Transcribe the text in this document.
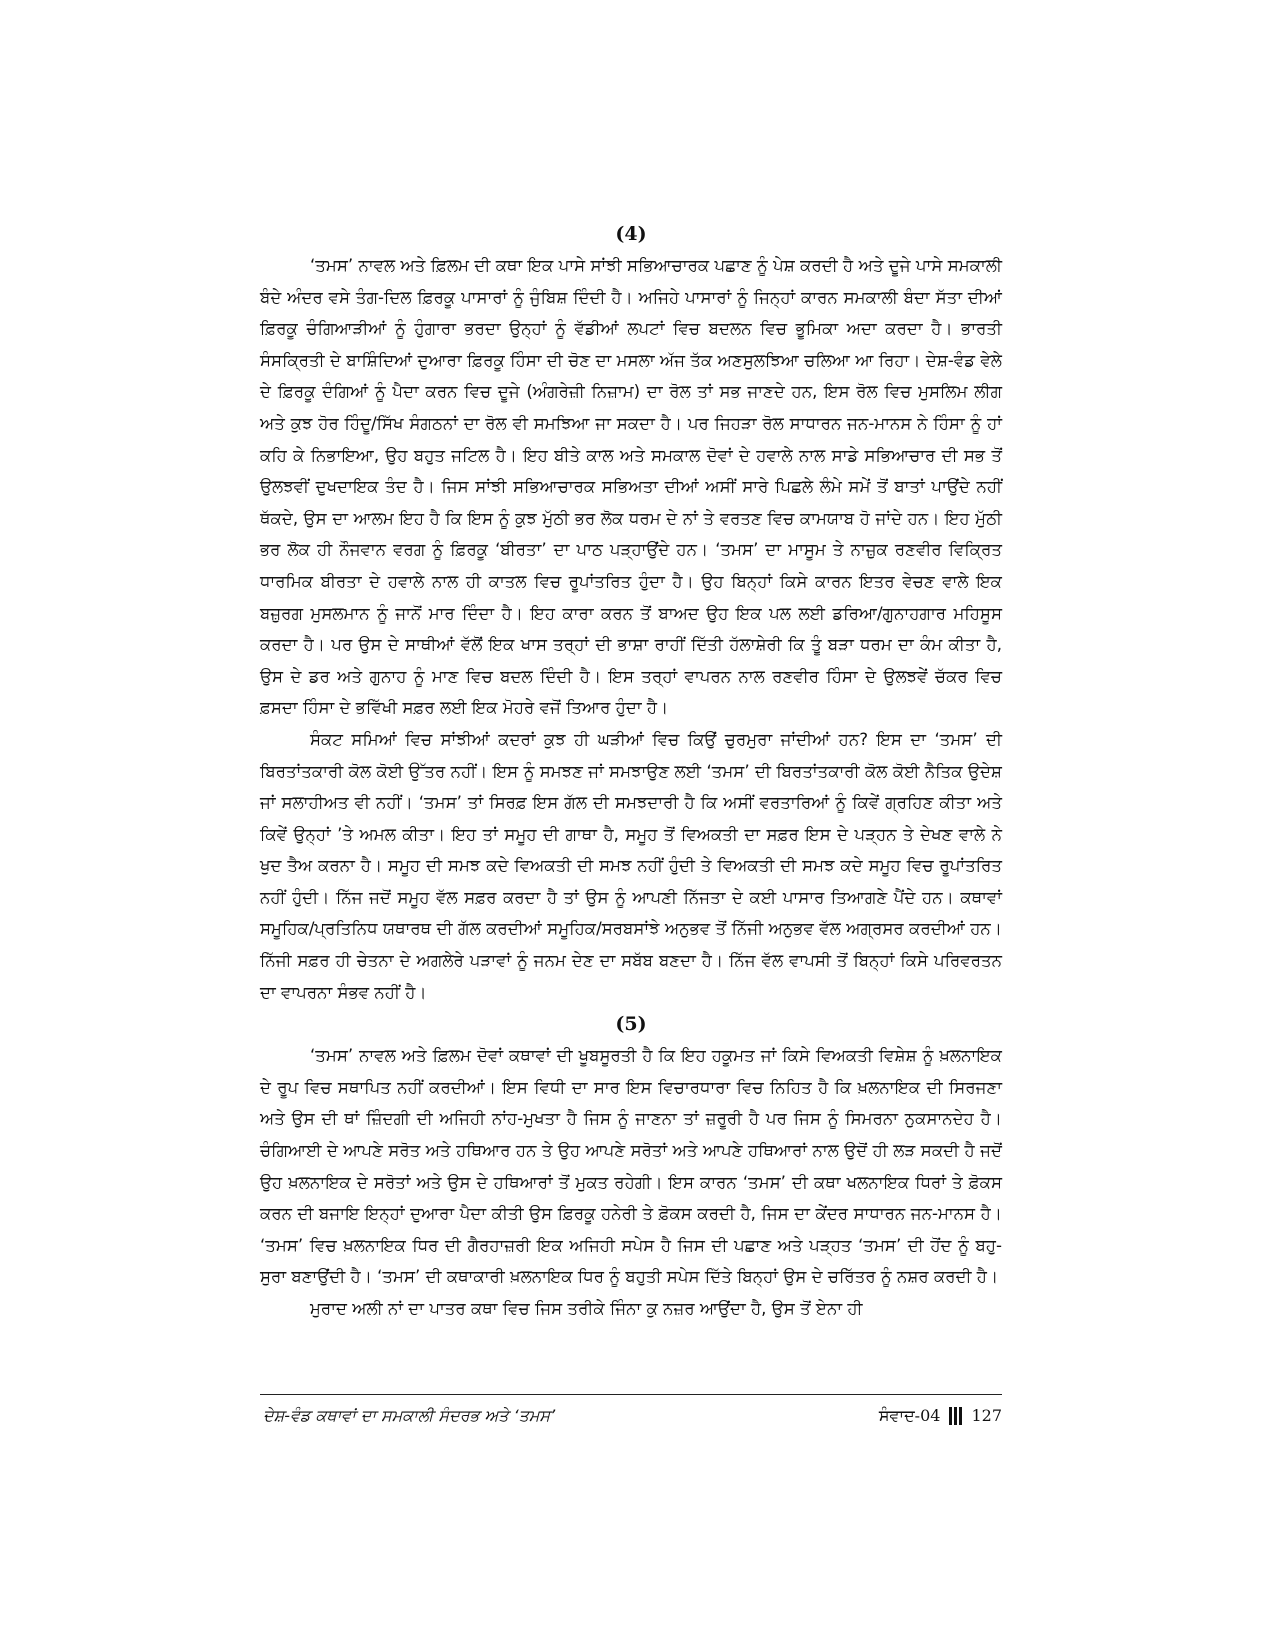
(4)

‘ਤਮਸ’ ਨਾਵਲ ਅਤੇ ਫ਼ਿਲਮ ਦੀ ਕਥਾ ਇਕ ਪਾਸੇ ਸਾਂਝੀ ਸਭਿਆਚਾਰਕ ਪਛਾਣ ਨੂੰ ਪੇਸ਼ ਕਰਦੀ ਹੈ ਅਤੇ ਦੂਜੇ ਪਾਸੇ ਸਮਕਾਲੀ ਬੰਦੇ ਅੰਦਰ ਵਸੇ ਤੰਗ-ਦਿਲ ਫ਼ਿਰਕੂ ਪਾਸਾਰਾਂ ਨੂੰ ਜੁੰਬਿਸ਼ ਦਿੰਦੀ ਹੈ। ਅਜਿਹੇ ਪਾਸਾਰਾਂ ਨੂੰ ਜਿਨ੍ਹਾਂ ਕਾਰਨ ਸਮਕਾਲੀ ਬੰਦਾ ਸੱਤਾ ਦੀਆਂ ਫ਼ਿਰਕੂ ਚੰਗਿਆੜੀਆਂ ਨੂੰ ਹੁੰਗਾਰਾ ਭਰਦਾ ਉਨ੍ਹਾਂ ਨੂੰ ਵੱਡੀਆਂ ਲਪਟਾਂ ਵਿਚ ਬਦਲਨ ਵਿਚ ਭੂਮਿਕਾ ਅਦਾ ਕਰਦਾ ਹੈ। ਭਾਰਤੀ ਸੰਸਕ੍ਰਿਤੀ ਦੇ ਬਾਸ਼ਿੰਦਿਆਂ ਦੁਆਰਾ ਫ਼ਿਰਕੂ ਹਿੰਸਾ ਦੀ ਚੋਣ ਦਾ ਮਸਲਾ ਅੱਜ ਤੱਕ ਅਣਸੁਲਝਿਆ ਚਲਿਆ ਆ ਰਿਹਾ। ਦੇਸ਼-ਵੰਡ ਵੇਲੇ ਦੇ ਫ਼ਿਰਕੂ ਦੰਗਿਆਂ ਨੂੰ ਪੈਦਾ ਕਰਨ ਵਿਚ ਦੂਜੇ (ਅੰਗਰੇਜ਼ੀ ਨਿਜ਼ਾਮ) ਦਾ ਰੋਲ ਤਾਂ ਸਭ ਜਾਣਦੇ ਹਨ, ਇਸ ਰੋਲ ਵਿਚ ਮੁਸਲਿਮ ਲੀਗ ਅਤੇ ਕੁਝ ਹੋਰ ਹਿੰਦੂ/ਸਿੱਖ ਸੰਗਠਨਾਂ ਦਾ ਰੋਲ ਵੀ ਸਮਝਿਆ ਜਾ ਸਕਦਾ ਹੈ। ਪਰ ਜਿਹੜਾ ਰੋਲ ਸਾਧਾਰਨ ਜਨ-ਮਾਨਸ ਨੇ ਹਿੰਸਾ ਨੂੰ ਹਾਂ ਕਹਿ ਕੇ ਨਿਭਾਇਆ, ਉਹ ਬਹੁਤ ਜਟਿਲ ਹੈ। ਇਹ ਬੀਤੇ ਕਾਲ ਅਤੇ ਸਮਕਾਲ ਦੋਵਾਂ ਦੇ ਹਵਾਲੇ ਨਾਲ ਸਾਡੇ ਸਭਿਆਚਾਰ ਦੀ ਸਭ ਤੋਂ ਉਲਝਵੀਂ ਦੁਖਦਾਇਕ ਤੰਦ ਹੈ। ਜਿਸ ਸਾਂਝੀ ਸਭਿਆਚਾਰਕ ਸਭਿਅਤਾ ਦੀਆਂ ਅਸੀਂ ਸਾਰੇ ਪਿਛਲੇ ਲੰਮੇ ਸਮੇਂ ਤੋਂ ਬਾਤਾਂ ਪਾਉਂਦੇ ਨਹੀਂ ਥੱਕਦੇ, ਉਸ ਦਾ ਆਲਮ ਇਹ ਹੈ ਕਿ ਇਸ ਨੂੰ ਕੁਝ ਮੁੱਠੀ ਭਰ ਲੋਕ ਧਰਮ ਦੇ ਨਾਂ ਤੇ ਵਰਤਣ ਵਿਚ ਕਾਮਯਾਬ ਹੋ ਜਾਂਦੇ ਹਨ। ਇਹ ਮੁੱਠੀ ਭਰ ਲੋਕ ਹੀ ਨੌਜਵਾਨ ਵਰਗ ਨੂੰ ਫ਼ਿਰਕੂ ‘ਬੀਰਤਾ’ ਦਾ ਪਾਠ ਪੜ੍ਹਾਉਂਦੇ ਹਨ। ‘ਤਮਸ’ ਦਾ ਮਾਸੂਮ ਤੇ ਨਾਜ਼ੁਕ ਰਣਵੀਰ ਵਿਕ੍ਰਿਤ ਧਾਰਮਿਕ ਬੀਰਤਾ ਦੇ ਹਵਾਲੇ ਨਾਲ ਹੀ ਕਾਤਲ ਵਿਚ ਰੂਪਾਂਤਰਿਤ ਹੁੰਦਾ ਹੈ। ਉਹ ਬਿਨ੍ਹਾਂ ਕਿਸੇ ਕਾਰਨ ਇਤਰ ਵੇਚਣ ਵਾਲੇ ਇਕ ਬਜ਼ੁਰਗ ਮੁਸਲਮਾਨ ਨੂੰ ਜਾਨੋਂ ਮਾਰ ਦਿੰਦਾ ਹੈ। ਇਹ ਕਾਰਾ ਕਰਨ ਤੋਂ ਬਾਅਦ ਉਹ ਇਕ ਪਲ ਲਈ ਡਰਿਆ/ਗੁਨਾਹਗਾਰ ਮਹਿਸੂਸ ਕਰਦਾ ਹੈ। ਪਰ ਉਸ ਦੇ ਸਾਥੀਆਂ ਵੱਲੋਂ ਇਕ ਖਾਸ ਤਰ੍ਹਾਂ ਦੀ ਭਾਸ਼ਾ ਰਾਹੀਂ ਦਿੱਤੀ ਹੱਲਾਸ਼ੇਰੀ ਕਿ ਤੂੰ ਬੜਾ ਧਰਮ ਦਾ ਕੰਮ ਕੀਤਾ ਹੈ, ਉਸ ਦੇ ਡਰ ਅਤੇ ਗੁਨਾਹ ਨੂੰ ਮਾਣ ਵਿਚ ਬਦਲ ਦਿੰਦੀ ਹੈ। ਇਸ ਤਰ੍ਹਾਂ ਵਾਪਰਨ ਨਾਲ ਰਣਵੀਰ ਹਿੰਸਾ ਦੇ ਉਲਝਵੇਂ ਚੱਕਰ ਵਿਚ ਫ਼ਸਦਾ ਹਿੰਸਾ ਦੇ ਭਵਿੱਖੀ ਸਫ਼ਰ ਲਈ ਇਕ ਮੋਹਰੇ ਵਜੋਂ ਤਿਆਰ ਹੁੰਦਾ ਹੈ।

ਸੰਕਟ ਸਮਿਆਂ ਵਿਚ ਸਾਂਝੀਆਂ ਕਦਰਾਂ ਕੁਝ ਹੀ ਘੜੀਆਂ ਵਿਚ ਕਿਉਂ ਚੁਰਮੁਰਾ ਜਾਂਦੀਆਂ ਹਨ? ਇਸ ਦਾ ‘ਤਮਸ’ ਦੀ ਬਿਰਤਾਂਤਕਾਰੀ ਕੋਲ ਕੋਈ ਉੱਤਰ ਨਹੀਂ। ਇਸ ਨੂੰ ਸਮਝਣ ਜਾਂ ਸਮਝਾਉਣ ਲਈ ‘ਤਮਸ’ ਦੀ ਬਿਰਤਾਂਤਕਾਰੀ ਕੋਲ ਕੋਈ ਨੈਤਿਕ ਉਦੇਸ਼ ਜਾਂ ਸਲਾਹੀਅਤ ਵੀ ਨਹੀਂ। ‘ਤਮਸ’ ਤਾਂ ਸਿਰਫ਼ ਇਸ ਗੱਲ ਦੀ ਸਮਝਦਾਰੀ ਹੈ ਕਿ ਅਸੀਂ ਵਰਤਾਰਿਆਂ ਨੂੰ ਕਿਵੇਂ ਗ੍ਰਹਿਣ ਕੀਤਾ ਅਤੇ ਕਿਵੇਂ ਉਨ੍ਹਾਂ ’ਤੇ ਅਮਲ ਕੀਤਾ। ਇਹ ਤਾਂ ਸਮੂਹ ਦੀ ਗਾਥਾ ਹੈ, ਸਮੂਹ ਤੋਂ ਵਿਅਕਤੀ ਦਾ ਸਫ਼ਰ ਇਸ ਦੇ ਪੜ੍ਹਨ ਤੇ ਦੇਖਣ ਵਾਲੇ ਨੇ ਖੁਦ ਤੈਅ ਕਰਨਾ ਹੈ। ਸਮੂਹ ਦੀ ਸਮਝ ਕਦੇ ਵਿਅਕਤੀ ਦੀ ਸਮਝ ਨਹੀਂ ਹੁੰਦੀ ਤੇ ਵਿਅਕਤੀ ਦੀ ਸਮਝ ਕਦੇ ਸਮੂਹ ਵਿਚ ਰੂਪਾਂਤਰਿਤ ਨਹੀਂ ਹੁੰਦੀ। ਨਿੱਜ ਜਦੋਂ ਸਮੂਹ ਵੱਲ ਸਫ਼ਰ ਕਰਦਾ ਹੈ ਤਾਂ ਉਸ ਨੂੰ ਆਪਣੀ ਨਿੱਜਤਾ ਦੇ ਕਈ ਪਾਸਾਰ ਤਿਆਗਣੇ ਪੈਂਦੇ ਹਨ। ਕਥਾਵਾਂ ਸਮੂਹਿਕ/ਪ੍ਰਤਿਨਿਧ ਯਥਾਰਥ ਦੀ ਗੱਲ ਕਰਦੀਆਂ ਸਮੂਹਿਕ/ਸਰਬਸਾਂਝੇ ਅਨੁਭਵ ਤੋਂ ਨਿੱਜੀ ਅਨੁਭਵ ਵੱਲ ਅਗ੍ਰਸਰ ਕਰਦੀਆਂ ਹਨ। ਨਿੱਜੀ ਸਫ਼ਰ ਹੀ ਚੇਤਨਾ ਦੇ ਅਗਲੇਰੇ ਪੜਾਵਾਂ ਨੂੰ ਜਨਮ ਦੇਣ ਦਾ ਸਬੱਬ ਬਣਦਾ ਹੈ। ਨਿੱਜ ਵੱਲ ਵਾਪਸੀ ਤੋਂ ਬਿਨ੍ਹਾਂ ਕਿਸੇ ਪਰਿਵਰਤਨ ਦਾ ਵਾਪਰਨਾ ਸੰਭਵ ਨਹੀਂ ਹੈ।

(5)

‘ਤਮਸ’ ਨਾਵਲ ਅਤੇ ਫ਼ਿਲਮ ਦੋਵਾਂ ਕਥਾਵਾਂ ਦੀ ਖੂਬਸੂਰਤੀ ਹੈ ਕਿ ਇਹ ਹਕੂਮਤ ਜਾਂ ਕਿਸੇ ਵਿਅਕਤੀ ਵਿਸ਼ੇਸ਼ ਨੂੰ ਖ਼ਲਨਾਇਕ ਦੇ ਰੂਪ ਵਿਚ ਸਥਾਪਿਤ ਨਹੀਂ ਕਰਦੀਆਂ। ਇਸ ਵਿਧੀ ਦਾ ਸਾਰ ਇਸ ਵਿਚਾਰਧਾਰਾ ਵਿਚ ਨਿਹਿਤ ਹੈ ਕਿ ਖ਼ਲਨਾਇਕ ਦੀ ਸਿਰਜਣਾ ਅਤੇ ਉਸ ਦੀ ਥਾਂ ਜ਼ਿੰਦਗੀ ਦੀ ਅਜਿਹੀ ਨਾਂਹ-ਮੁਖਤਾ ਹੈ ਜਿਸ ਨੂੰ ਜਾਣਨਾ ਤਾਂ ਜ਼ਰੂਰੀ ਹੈ ਪਰ ਜਿਸ ਨੂੰ ਸਿਮਰਨਾ ਨੁਕਸਾਨਦੇਹ ਹੈ। ਚੰਗਿਆਈ ਦੇ ਆਪਣੇ ਸਰੋਤ ਅਤੇ ਹਥਿਆਰ ਹਨ ਤੇ ਉਹ ਆਪਣੇ ਸਰੋਤਾਂ ਅਤੇ ਆਪਣੇ ਹਥਿਆਰਾਂ ਨਾਲ ਉਦੋਂ ਹੀ ਲੜ ਸਕਦੀ ਹੈ ਜਦੋਂ ਉਹ ਖ਼ਲਨਾਇਕ ਦੇ ਸਰੋਤਾਂ ਅਤੇ ਉਸ ਦੇ ਹਥਿਆਰਾਂ ਤੋਂ ਮੁਕਤ ਰਹੇਗੀ। ਇਸ ਕਾਰਨ ‘ਤਮਸ’ ਦੀ ਕਥਾ ਖਲਨਾਇਕ ਧਿਰਾਂ ਤੇ ਫ਼ੋਕਸ ਕਰਨ ਦੀ ਬਜਾਇ ਇਨ੍ਹਾਂ ਦੁਆਰਾ ਪੈਦਾ ਕੀਤੀ ਉਸ ਫ਼ਿਰਕੂ ਹਨੇਰੀ ਤੇ ਫ਼ੋਕਸ ਕਰਦੀ ਹੈ, ਜਿਸ ਦਾ ਕੇਂਦਰ ਸਾਧਾਰਨ ਜਨ-ਮਾਨਸ ਹੈ। ‘ਤਮਸ’ ਵਿਚ ਖ਼ਲਨਾਇਕ ਧਿਰ ਦੀ ਗੈਰਹਾਜ਼ਰੀ ਇਕ ਅਜਿਹੀ ਸਪੇਸ ਹੈ ਜਿਸ ਦੀ ਪਛਾਣ ਅਤੇ ਪੜ੍ਹਤ ‘ਤਮਸ’ ਦੀ ਹੋਂਦ ਨੂੰ ਬਹੁ-ਸੁਰਾ ਬਣਾਉਂਦੀ ਹੈ। ‘ਤਮਸ’ ਦੀ ਕਥਾਕਾਰੀ ਖ਼ਲਨਾਇਕ ਧਿਰ ਨੂੰ ਬਹੁਤੀ ਸਪੇਸ ਦਿੱਤੇ ਬਿਨ੍ਹਾਂ ਉਸ ਦੇ ਚਰਿੱਤਰ ਨੂੰ ਨਸ਼ਰ ਕਰਦੀ ਹੈ।

ਮੁਰਾਦ ਅਲੀ ਨਾਂ ਦਾ ਪਾਤਰ ਕਥਾ ਵਿਚ ਜਿਸ ਤਰੀਕੇ ਜਿੰਨਾ ਕੁ ਨਜ਼ਰ ਆਉਂਦਾ ਹੈ, ਉਸ ਤੋਂ ਏਨਾ ਹੀ

ਦੇਸ਼-ਵੰਡ ਕਥਾਵਾਂ ਦਾ ਸਮਕਾਲੀ ਸੰਦਰਭ ਅਤੇ ‘ਤਮਸ’	ਸੰਵਾਦ-04 127
